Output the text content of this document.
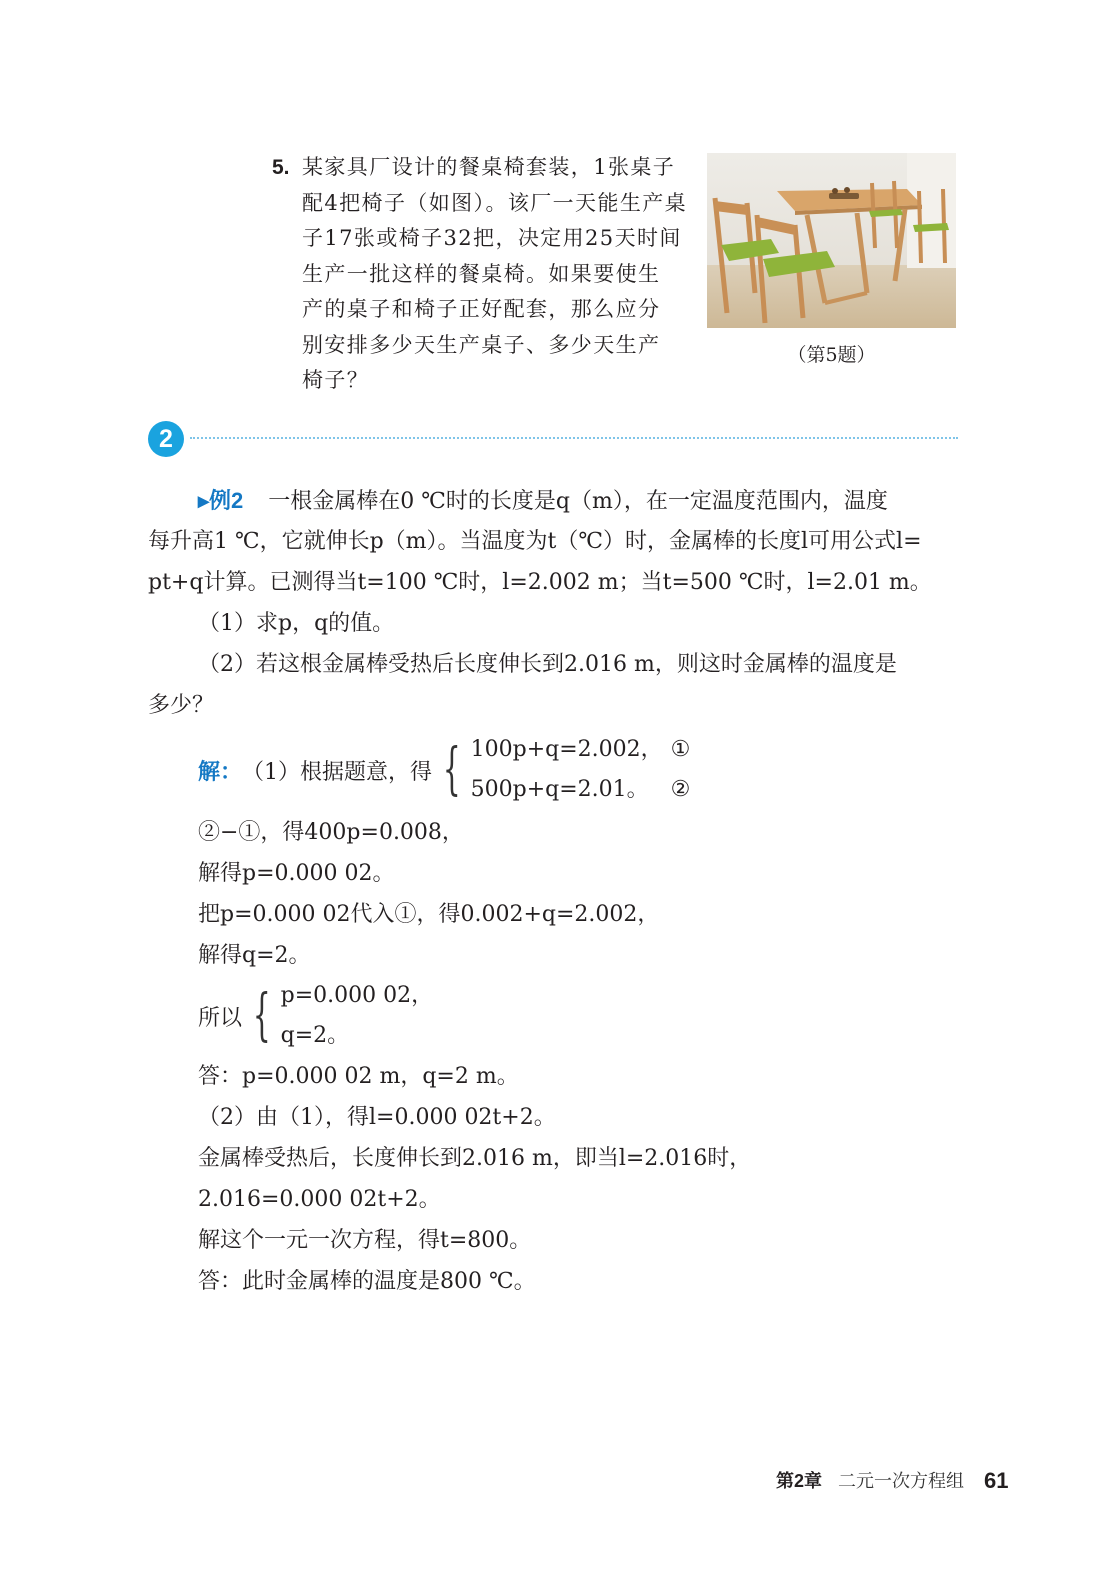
5. 某家具厂设计的餐桌椅套装，1张桌子
配4把椅子（如图）。该厂一天能生产桌
子17张或椅子32把，决定用25天时间
生产一批这样的餐桌椅。如果要使生
产的桌子和椅子正好配套，那么应分
别安排多少天生产桌子、多少天生产
椅子？
（第5题）
2
▸例2 一根金属棒在0 ℃时的长度是q（m），在一定温度范围内，温度
每升高1 ℃，它就伸长p（m）。当温度为t（℃）时，金属棒的长度l可用公式l=
pt+q计算。已测得当t=100 ℃时，l=2.002 m；当t=500 ℃时，l=2.01 m。
（1）求p，q的值。
（2）若这根金属棒受热后长度伸长到2.016 m，则这时金属棒的温度是
多少？
解： （1）根据题意，得 { 100p+q=2.002， ①
500p+q=2.01。 ②
②−①，得400p=0.008，
解得p=0.000 02。
把p=0.000 02代入①，得0.002+q=2.002，
解得q=2。
所以 { p=0.000 02，
q=2。
答：p=0.000 02 m，q=2 m。
（2）由（1），得l=0.000 02t+2。
金属棒受热后，长度伸长到2.016 m，即当l=2.016时，
2.016=0.000 02t+2。
解这个一元一次方程，得t=800。
答：此时金属棒的温度是800 ℃。
第2章 二元一次方程组 61
